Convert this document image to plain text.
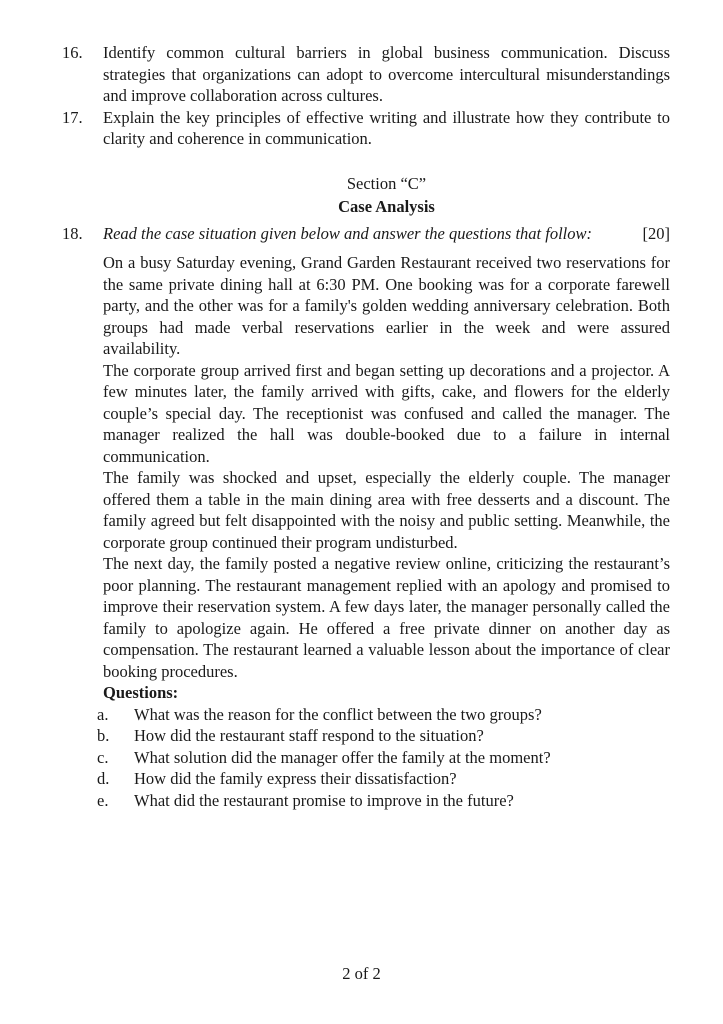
16.	Identify common cultural barriers in global business communication. Discuss strategies that organizations can adopt to overcome intercultural misunderstandings and improve collaboration across cultures.
17.	Explain the key principles of effective writing and illustrate how they contribute to clarity and coherence in communication.
Section “C”
Case Analysis
18.	Read the case situation given below and answer the questions that follow:	[20]

On a busy Saturday evening, Grand Garden Restaurant received two reservations for the same private dining hall at 6:30 PM. One booking was for a corporate farewell party, and the other was for a family's golden wedding anniversary celebration. Both groups had made verbal reservations earlier in the week and were assured availability.

The corporate group arrived first and began setting up decorations and a projector. A few minutes later, the family arrived with gifts, cake, and flowers for the elderly couple’s special day. The receptionist was confused and called the manager. The manager realized the hall was double-booked due to a failure in internal communication.

The family was shocked and upset, especially the elderly couple. The manager offered them a table in the main dining area with free desserts and a discount. The family agreed but felt disappointed with the noisy and public setting. Meanwhile, the corporate group continued their program undisturbed.

The next day, the family posted a negative review online, criticizing the restaurant’s poor planning. The restaurant management replied with an apology and promised to improve their reservation system. A few days later, the manager personally called the family to apologize again. He offered a free private dinner on another day as compensation. The restaurant learned a valuable lesson about the importance of clear booking procedures.

Questions:
a.	What was the reason for the conflict between the two groups?
b.	How did the restaurant staff respond to the situation?
c.	What solution did the manager offer the family at the moment?
d.	How did the family express their dissatisfaction?
e.	What did the restaurant promise to improve in the future?
2 of 2
